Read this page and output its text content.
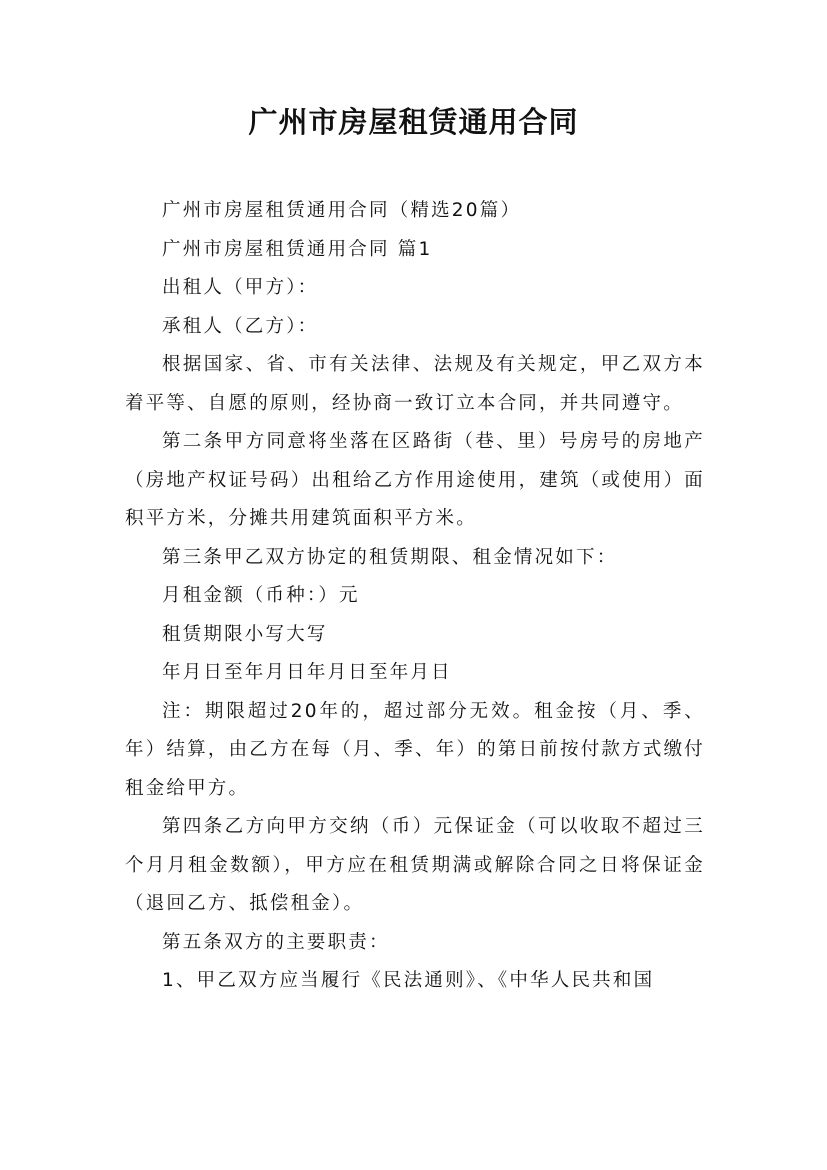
广州市房屋租赁通用合同

广州市房屋租赁通用合同（精选20篇）

广州市房屋租赁通用合同 篇1

出租人（甲方）：

承租人（乙方）：

根据国家、省、市有关法律、法规及有关规定，甲乙双方本着平等、自愿的原则，经协商一致订立本合同，并共同遵守。

第二条甲方同意将坐落在区路街（巷、里）号房号的房地产（房地产权证号码）出租给乙方作用途使用，建筑（或使用）面积平方米，分摊共用建筑面积平方米。

第三条甲乙双方协定的租赁期限、租金情况如下：

月租金额（币种：）元

租赁期限小写大写

年月日至年月日年月日至年月日

注：期限超过20年的，超过部分无效。租金按（月、季、年）结算，由乙方在每（月、季、年）的第日前按付款方式缴付租金给甲方。

第四条乙方向甲方交纳（币）元保证金（可以收取不超过三个月月租金数额），甲方应在租赁期满或解除合同之日将保证金（退回乙方、抵偿租金）。

第五条双方的主要职责：

1、甲乙双方应当履行《民法通则》、《中华人民共和国
